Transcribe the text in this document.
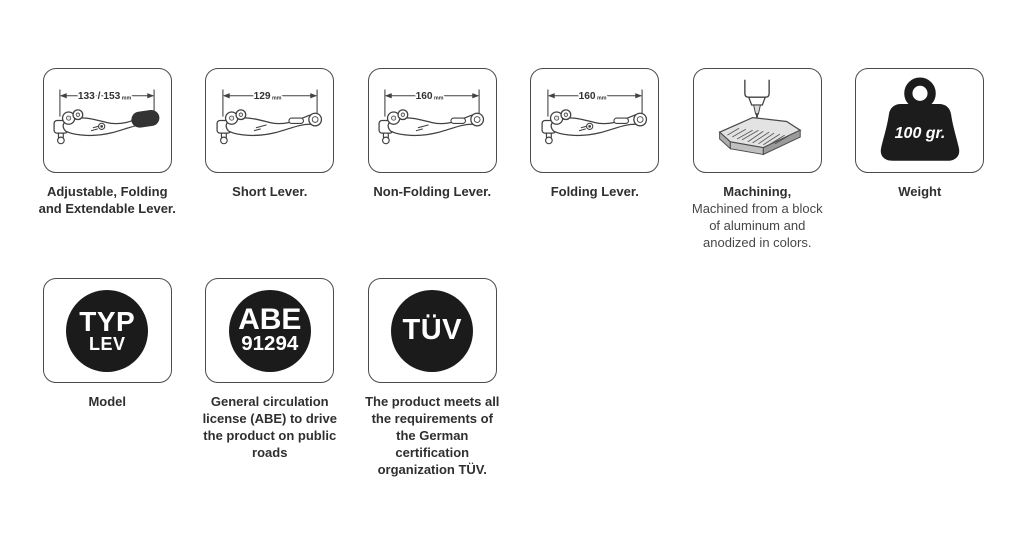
133 / 153mm
Adjustable, Folding
and Extendable Lever.
129mm
Short Lever.
160mm
Non-Folding Lever.
160mm
Folding Lever.	Machining,
Machined from a block
of aluminum and
anodized in colors.
100 gr.
Weight
TYP
LEV
Model
ABE
91294
General circulation
license (ABE) to drive
the product on public
roads
TÜV
The product meets all
the requirements of
the German
certification
organization TÜV.
